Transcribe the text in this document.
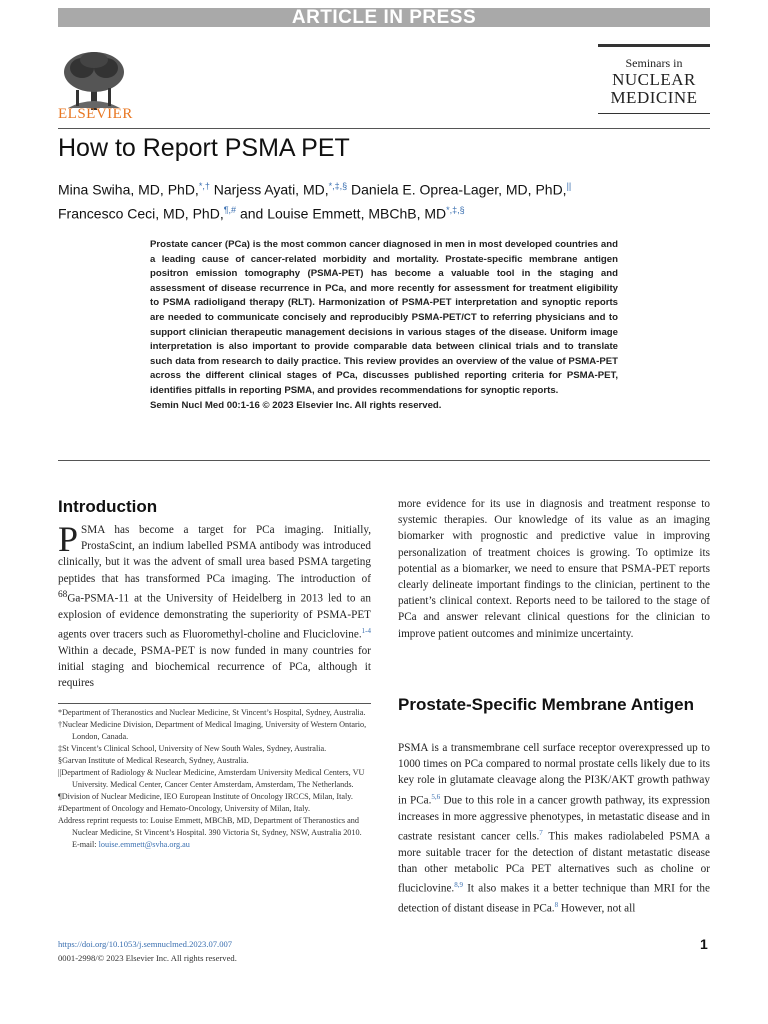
ARTICLE IN PRESS
ELSEVIER
Seminars in
NUCLEAR
MEDICINE
How to Report PSMA PET
Mina Swiha, MD, PhD,*,† Narjess Ayati, MD,*,‡,§ Daniela E. Oprea-Lager, MD, PhD,||
Francesco Ceci, MD, PhD,¶,# and Louise Emmett, MBChB, MD*,‡,§

Prostate cancer (PCa) is the most common cancer diagnosed in men in most developed countries and a leading cause of cancer-related morbidity and mortality. Prostate-specific membrane antigen positron emission tomography (PSMA-PET) has become a valuable tool in the staging and assessment of disease recurrence in PCa, and more recently for assessment for treatment eligibility to PSMA radioligand therapy (RLT). Harmonization of PSMA-PET interpretation and synoptic reports are needed to communicate concisely and reproducibly PSMA-PET/CT to referring physicians and to support clinician therapeutic management decisions in various stages of the disease. Uniform image interpretation is also important to provide comparable data between clinical trials and to translate such data from research to daily practice. This review provides an overview of the value of PSMA-PET across the different clinical stages of PCa, discusses published reporting criteria for PSMA-PET, identifies pitfalls in reporting PSMA, and provides recommendations for synoptic reports.

Semin Nucl Med 00:1-16 © 2023 Elsevier Inc. All rights reserved.

Introduction

PSMA has become a target for PCa imaging. Initially, ProstaScint, an indium labelled PSMA antibody was introduced clinically, but it was the advent of small urea based PSMA targeting peptides that has transformed PCa imaging. The introduction of $^{68}$Ga-PSMA-11 at the University of Heidelberg in 2013 led to an explosion of evidence demonstrating the superiority of PSMA-PET agents over tracers such as Fluoromethyl-choline and Fluciclovine.$^{1-4}$ Within a decade, PSMA-PET is now funded in many countries for initial staging and biochemical recurrence of PCa, although it requires

more evidence for its use in diagnosis and treatment response to systemic therapies. Our knowledge of its value as an imaging biomarker with prognostic and predictive value in improving personalization of treatment choices is growing. To optimize its potential as a biomarker, we need to ensure that PSMA-PET reports clearly delineate important findings to the clinician, pertinent to the patient’s clinical context. Reports need to be tailored to the stage of PCa and answer relevant clinical questions for the clinician to improve patient outcomes and minimize uncertainty.

Prostate-Specific Membrane Antigen

PSMA is a transmembrane cell surface receptor overexpressed up to 1000 times on PCa compared to normal prostate cells likely due to its key role in glutamate cleavage along the PI3K/AKT growth pathway in PCa.$^{5,6}$ Due to this role in a cancer growth pathway, its expression increases in more aggressive phenotypes, in metastatic disease and in castrate resistant cancer cells.$^7$ This makes radiolabeled PSMA a more suitable tracer for the detection of distant metastatic disease than other metabolic PCa PET alternatives such as choline or fluciclovine.$^{8,9}$ It also makes it a better technique than MRI for the detection of distant disease in PCa.$^8$ However, not all

*Department of Theranostics and Nuclear Medicine, St Vincent’s Hospital, Sydney, Australia.
†Nuclear Medicine Division, Department of Medical Imaging, University of Western Ontario, London, Canada.
‡St Vincent’s Clinical School, University of New South Wales, Sydney, Australia.
§Garvan Institute of Medical Research, Sydney, Australia.
||Department of Radiology & Nuclear Medicine, Amsterdam University Medical Centers, VU University. Medical Center, Cancer Center Amsterdam, Amsterdam, The Netherlands.
¶Division of Nuclear Medicine, IEO European Institute of Oncology IRCCS, Milan, Italy.
#Department of Oncology and Hemato-Oncology, University of Milan, Italy.
Address reprint requests to: Louise Emmett, MBChB, MD, Department of Theranostics and Nuclear Medicine, St Vincent’s Hospital. 390 Victoria St, Sydney, NSW, Australia 2010. E-mail: louise.emmett@svha.org.au
https://doi.org/10.1053/j.semnuclmed.2023.07.007
0001-2998/© 2023 Elsevier Inc. All rights reserved.
1
